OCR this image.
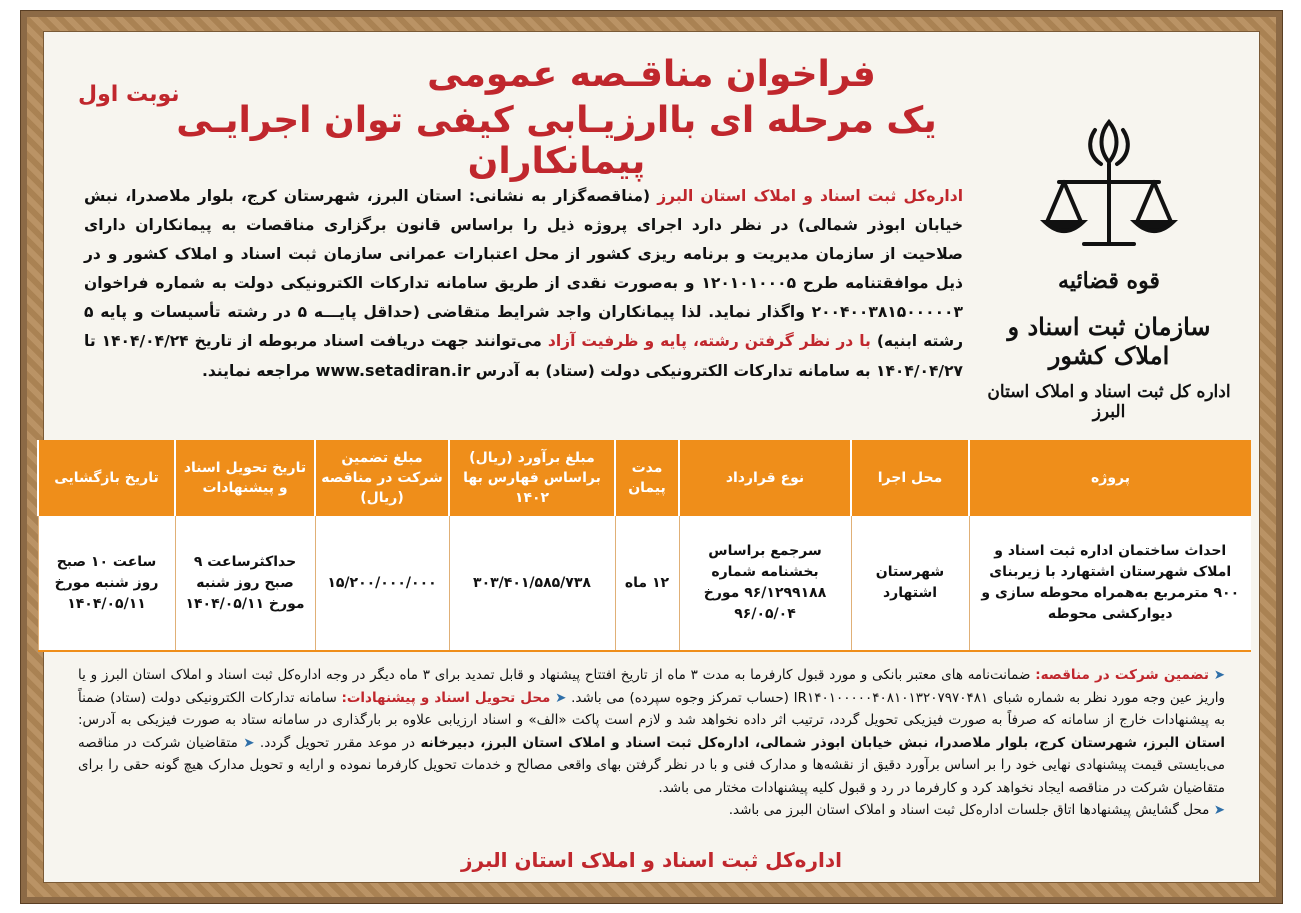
فراخوان مناقـصه عمومی
یک مرحله ای باارزیـابی کیفی توان اجرایـی پیمانکاران
نوبت اول
قوه قضائیه
سازمان ثبت اسناد و املاک کشور
اداره کل ثبت اسناد و املاک استان البرز
اداره‌کل ثبت اسناد و املاک استان البرز (مناقصه‌گزار به نشانی: استان البرز، شهرستان کرج، بلوار ملاصدرا، نبش خیابان ابوذر شمالی) در نظر دارد اجرای پروژه ذیل را براساس قانون برگزاری مناقصات به پیمانکاران دارای صلاحیت از سازمان مدیریت و برنامه ریزی کشور از محل اعتبارات عمرانی سازمان ثبت اسناد و املاک کشور و در ذیل موافقتنامه طرح ۱۲۰۱۰۱۰۰۰۵ و به‌صورت نقدی از طریق سامانه تدارکات الکترونیکی دولت به شماره فراخوان ۲۰۰۴۰۰۳۸۱۵۰۰۰۰۰۳ واگذار نماید. لذا پیمانکاران واجد شرایط متقاضی (حداقل پایـــه ۵ در رشته تأسیسات و پایه ۵ رشته ابنیه) با در نظر گرفتن رشته، پایه و ظرفیت آزاد می‌توانند جهت دریافت اسناد مربوطه از تاریخ ۱۴۰۴/۰۴/۲۴ تا ۱۴۰۴/۰۴/۲۷ به سامانه تدارکات الکترونیکی دولت (ستاد) به آدرس www.setadiran.ir مراجعه نمایند.
پروژه	محل اجرا	نوع قرارداد	مدت پیمان	مبلغ برآورد (ریال) براساس فهارس بها ۱۴۰۲	مبلغ تضمین شرکت در مناقصه (ریال)	تاریخ تحویل اسناد و پیشنهادات	تاریخ بازگشایی
احداث ساختمان اداره ثبت اسناد و املاک شهرستان اشتهارد با زیربنای ۹۰۰ مترمربع به‌همراه محوطه سازی و دیوارکشی محوطه	شهرستان اشتهارد	سرجمع براساس بخشنامه شماره ۹۶/۱۲۹۹۱۸۸ مورخ ۹۶/۰۵/۰۴	۱۲ ماه	۳۰۳/۴۰۱/۵۸۵/۷۳۸	۱۵/۲۰۰/۰۰۰/۰۰۰	حداکثرساعت ۹ صبح روز شنبه مورخ ۱۴۰۴/۰۵/۱۱	ساعت ۱۰ صبح روز شنبه مورخ ۱۴۰۴/۰۵/۱۱
➤ تضمین شرکت در مناقصه: ضمانت‌نامه های معتبر بانکی و مورد قبول کارفرما به مدت ۳ ماه از تاریخ افتتاح پیشنهاد و قابل تمدید برای ۳ ماه دیگر در وجه اداره‌کل ثبت اسناد و املاک استان البرز و یا واریز عین وجه مورد نظر به شماره شبای IR۱۴۰۱۰۰۰۰۰۴۰۸۱۰۱۳۲۰۷۹۷۰۴۸۱ (حساب تمرکز وجوه سپرده) می باشد. ➤ محل تحویل اسناد و پیشنهادات: سامانه تدارکات الکترونیکی دولت (ستاد) ضمناً به پیشنهادات خارج از سامانه که صرفاً به صورت فیزیکی تحویل گردد، ترتیب اثر داده نخواهد شد و لازم است پاکت «الف» و اسناد ارزیابی علاوه بر بارگذاری در سامانه ستاد به صورت فیزیکی به آدرس: استان البرز، شهرستان کرج، بلوار ملاصدرا، نبش خیابان ابوذر شمالی، اداره‌کل ثبت اسناد و املاک استان البرز، دبیرخانه در موعد مقرر تحویل گردد. ➤ متقاضیان شرکت در مناقصه می‌بایستی قیمت پیشنهادی نهایی خود را بر اساس برآورد دقیق از نقشه‌ها و مدارک فنی و با در نظر گرفتن بهای واقعی مصالح و خدمات تحویل کارفرما نموده و ارایه و تحویل مدارک هیچ گونه حقی را برای متقاضیان شرکت در مناقصه ایجاد نخواهد کرد و کارفرما در رد و قبول کلیه پیشنهادات مختار می باشد.
➤ محل گشایش پیشنهادها اتاق جلسات اداره‌کل ثبت اسناد و املاک استان البرز می باشد.
اداره‌کل ثبت اسناد و املاک استان البرز
